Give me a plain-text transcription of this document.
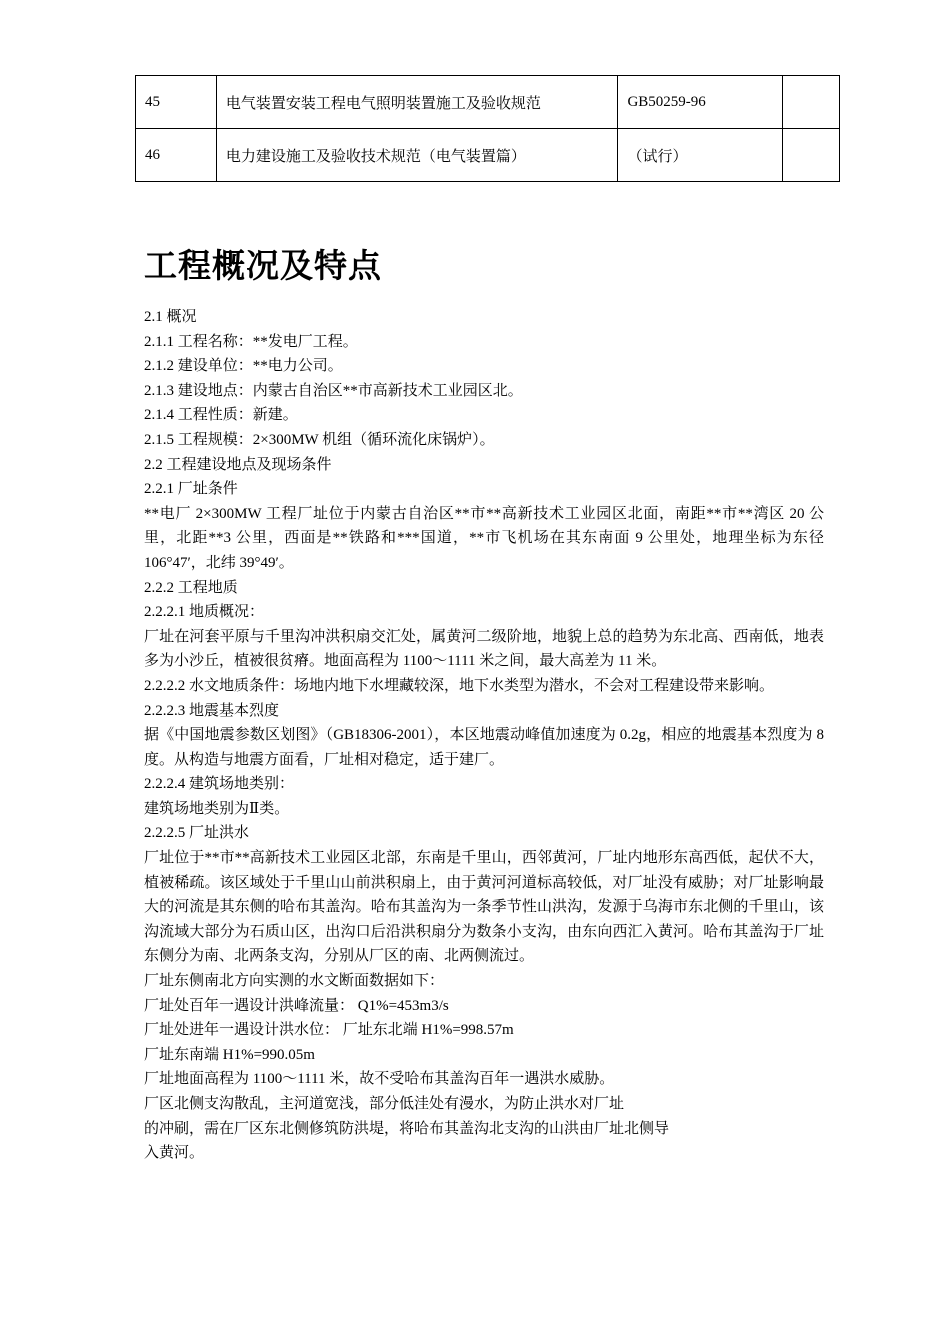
45	电气装置安装工程电气照明装置施工及验收规范	GB50259-96	
46	电力建设施工及验收技术规范（电气装置篇）	（试行）	
工程概况及特点

2.1 概况

2.1.1 工程名称：**发电厂工程。

2.1.2 建设单位：**电力公司。

2.1.3 建设地点：内蒙古自治区**市高新技术工业园区北。

2.1.4 工程性质：新建。

2.1.5 工程规模：2×300MW 机组（循环流化床锅炉）。

2.2 工程建设地点及现场条件

2.2.1 厂址条件

**电厂 2×300MW 工程厂址位于内蒙古自治区**市**高新技术工业园区北面，南距**市**湾区 20 公里，北距**3 公里，西面是**铁路和***国道，**市飞机场在其东南面 9 公里处，地理坐标为东径 106°47′，北纬 39°49′。

2.2.2 工程地质

2.2.2.1 地质概况：

厂址在河套平原与千里沟冲洪积扇交汇处，属黄河二级阶地，地貌上总的趋势为东北高、西南低，地表多为小沙丘，植被很贫瘠。地面高程为 1100～1111 米之间，最大高差为 11 米。

2.2.2.2 水文地质条件：场地内地下水埋藏较深，地下水类型为潜水，不会对工程建设带来影响。

2.2.2.3 地震基本烈度

据《中国地震参数区划图》（GB18306-2001），本区地震动峰值加速度为 0.2g，相应的地震基本烈度为 8 度。从构造与地震方面看，厂址相对稳定，适于建厂。

2.2.2.4 建筑场地类别：

建筑场地类别为Ⅱ类。

2.2.2.5 厂址洪水

厂址位于**市**高新技术工业园区北部，东南是千里山，西邻黄河，厂址内地形东高西低，起伏不大，植被稀疏。该区域处于千里山山前洪积扇上，由于黄河河道标高较低，对厂址没有威胁；对厂址影响最大的河流是其东侧的哈布其盖沟。哈布其盖沟为一条季节性山洪沟，发源于乌海市东北侧的千里山，该沟流域大部分为石质山区，出沟口后沿洪积扇分为数条小支沟，由东向西汇入黄河。哈布其盖沟于厂址东侧分为南、北两条支沟，分别从厂区的南、北两侧流过。

厂址东侧南北方向实测的水文断面数据如下：

厂址处百年一遇设计洪峰流量： Q1%=453m3/s

厂址处进年一遇设计洪水位： 厂址东北端 H1%=998.57m

厂址东南端 H1%=990.05m

厂址地面高程为 1100～1111 米，故不受哈布其盖沟百年一遇洪水威胁。

厂区北侧支沟散乱，主河道宽浅，部分低洼处有漫水，为防止洪水对厂址

的冲刷，需在厂区东北侧修筑防洪堤，将哈布其盖沟北支沟的山洪由厂址北侧导

入黄河。
